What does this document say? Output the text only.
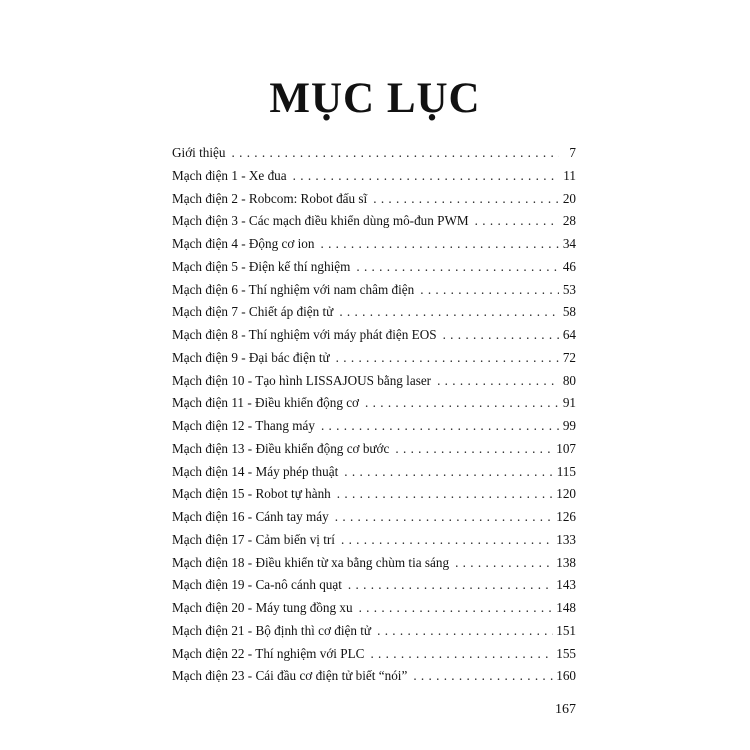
MỤC LỤC
Giới thiệu . . .	7
Mạch điện 1 - Xe đua . . .	11
Mạch điện 2 - Robcom: Robot đấu sĩ . . .	20
Mạch điện 3 - Các mạch điều khiển dùng mô-đun PWM . . .	28
Mạch điện 4 - Động cơ ion . . .	34
Mạch điện 5 - Điện kế thí nghiệm . . .	46
Mạch điện 6 - Thí nghiệm với nam châm điện . . .	53
Mạch điện 7 - Chiết áp điện tử . . .	58
Mạch điện 8 - Thí nghiệm với máy phát điện EOS . . .	64
Mạch điện 9 - Đại bác điện tử . . .	72
Mạch điện 10 - Tạo hình LISSAJOUS bằng laser . . .	80
Mạch điện 11 - Điều khiển động cơ . . .	91
Mạch điện 12 - Thang máy . . .	99
Mạch điện 13 - Điều khiển động cơ bước . . .	107
Mạch điện 14 - Máy phép thuật . . .	115
Mạch điện 15 - Robot tự hành . . .	120
Mạch điện 16 - Cánh tay máy . . .	126
Mạch điện 17 - Cảm biến vị trí . . .	133
Mạch điện 18 - Điều khiển từ xa bằng chùm tia sáng . . .	138
Mạch điện 19 - Ca-nô cánh quạt . . .	143
Mạch điện 20 - Máy tung đồng xu . . .	148
Mạch điện 21 - Bộ định thì cơ điện tử . . .	151
Mạch điện 22 - Thí nghiệm với PLC . . .	155
Mạch điện 23 - Cái đầu cơ điện tử biết “nói” . . .	160
167
